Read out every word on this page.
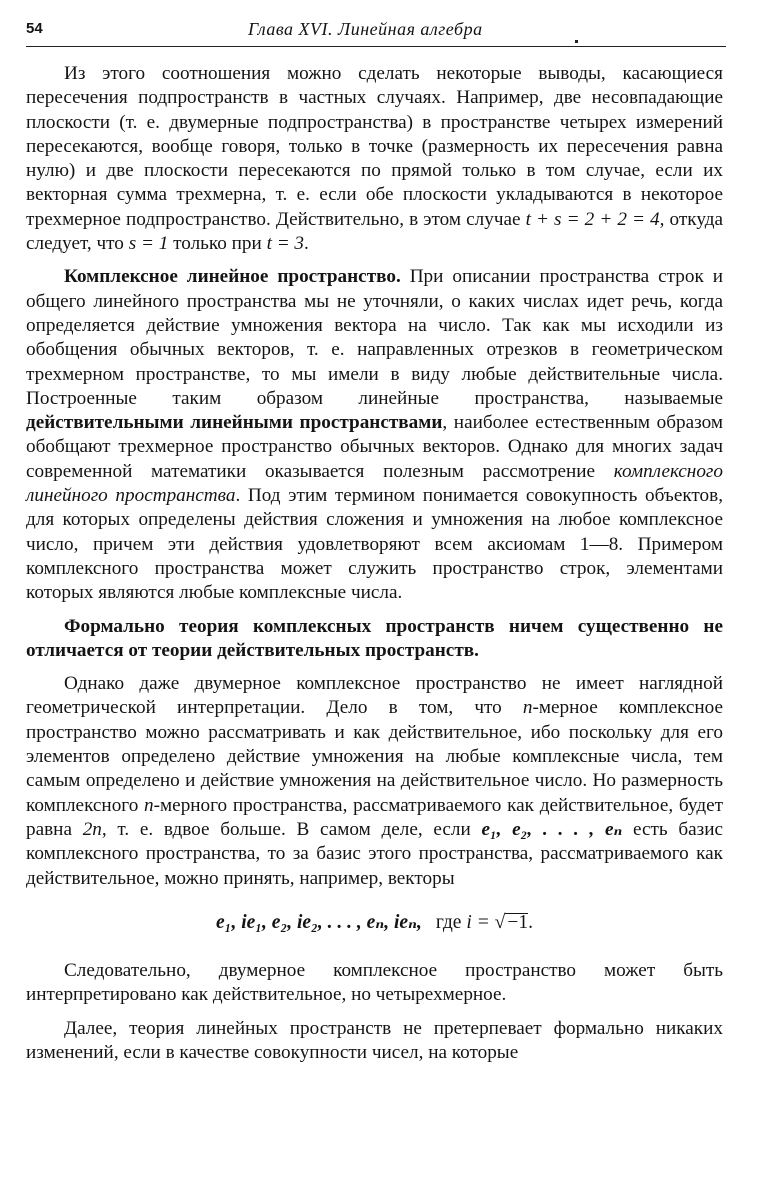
54	Глава XVI. Линейная алгебра

Из этого соотношения можно сделать некоторые выводы, касающиеся пересечения подпространств в частных случаях. Например, две несовпадающие плоскости (т. е. двумерные подпространства) в пространстве четырех измерений пересекаются, вообще говоря, только в точке (размерность их пересечения равна нулю) и две плоскости пересекаются по прямой только в том случае, если их векторная сумма трехмерна, т. е. если обе плоскости укладываются в некоторое трехмерное подпространство. Действительно, в этом случае t + s = 2 + 2 = 4, откуда следует, что s = 1 только при t = 3.

Комплексное линейное пространство. При описании пространства строк и общего линейного пространства мы не уточняли, о каких числах идет речь, когда определяется действие умножения вектора на число. Так как мы исходили из обобщения обычных векторов, т. е. направленных отрезков в геометрическом трехмерном пространстве, то мы имели в виду любые действительные числа. Построенные таким образом линейные пространства, называемые действительными линейными пространствами, наиболее естественным образом обобщают трехмерное пространство обычных векторов. Однако для многих задач современной математики оказывается полезным рассмотрение комплексного линейного пространства. Под этим термином понимается совокупность объектов, для которых определены действия сложения и умножения на любое комплексное число, причем эти действия удовлетворяют всем аксиомам 1—8. Примером комплексного пространства может служить пространство строк, элементами которых являются любые комплексные числа.

Формально теория комплексных пространств ничем существенно не отличается от теории действительных пространств.

Однако даже двумерное комплексное пространство не имеет наглядной геометрической интерпретации. Дело в том, что n-мерное комплексное пространство можно рассматривать и как действительное, ибо поскольку для его элементов определено действие умножения на любые комплексные числа, тем самым определено и действие умножения на действительное число. Но размерность комплексного n-мерного пространства, рассматриваемого как действительное, будет равна 2n, т. е. вдвое больше. В самом деле, если e₁, e₂, . . . , eₙ есть базис комплексного пространства, то за базис этого пространства, рассматриваемого как действительное, можно принять, например, векторы

e₁, ie₁, e₂, ie₂, . . . , eₙ, ieₙ, где i = √ −1.

Следовательно, двумерное комплексное пространство может быть интерпретировано как действительное, но четырехмерное.

Далее, теория линейных пространств не претерпевает формально никаких изменений, если в качестве совокупности чисел, на которые
